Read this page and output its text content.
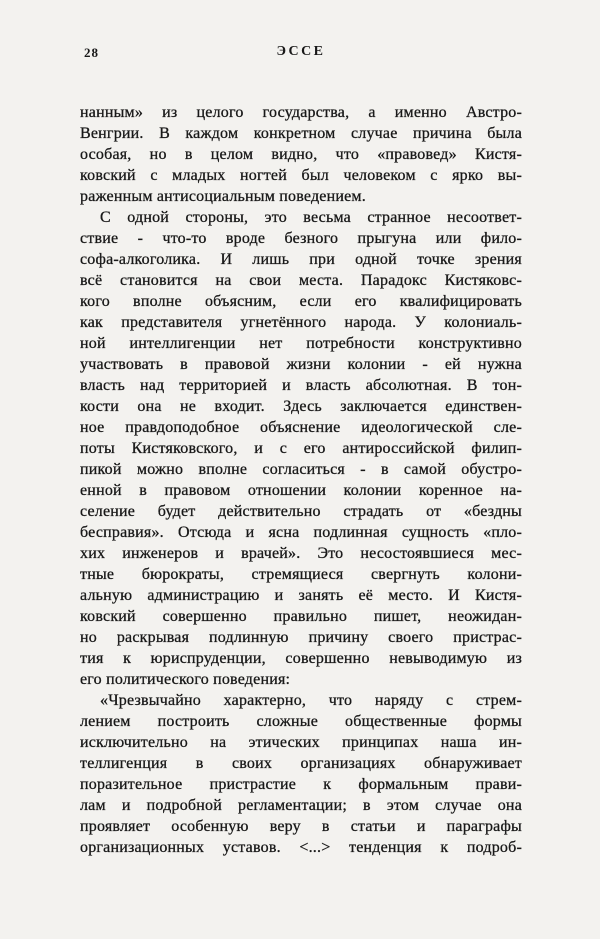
28	ЭССЕ
нанным» из целого государства, а именно Австро-
Венгрии. В каждом конкретном случае причина была
особая, но в целом видно, что «правовед» Кистя-
ковский с младых ногтей был человеком с ярко вы-
раженным антисоциальным поведением.
С одной стороны, это весьма странное несоответ-
ствие - что-то вроде безного прыгуна или фило-
софа-алкоголика. И лишь при одной точке зрения
всё становится на свои места. Парадокс Кистяковс-
кого вполне объясним, если его квалифицировать
как представителя угнетённого народа. У колониаль-
ной интеллигенции нет потребности конструктивно
участвовать в правовой жизни колонии - ей нужна
власть над территорией и власть абсолютная. В тон-
кости она не входит. Здесь заключается единствен-
ное правдоподобное объяснение идеологической сле-
поты Кистяковского, и с его антироссийской филип-
пикой можно вполне согласиться - в самой обустро-
енной в правовом отношении колонии коренное на-
селение будет действительно страдать от «бездны
бесправия». Отсюда и ясна подлинная сущность «пло-
хих инженеров и врачей». Это несостоявшиеся мес-
тные бюрократы, стремящиеся свергнуть колони-
альную администрацию и занять её место. И Кистя-
ковский совершенно правильно пишет, неожидан-
но раскрывая подлинную причину своего пристрас-
тия к юриспруденции, совершенно невыводимую из
его политического поведения:
«Чрезвычайно характерно, что наряду с стрем-
лением построить сложные общественные формы
исключительно на этических принципах наша ин-
теллигенция в своих организациях обнаруживает
поразительное пристрастие к формальным прави-
лам и подробной регламентации; в этом случае она
проявляет особенную веру в статьи и параграфы
организационных уставов. <...> тенденция к подроб-
